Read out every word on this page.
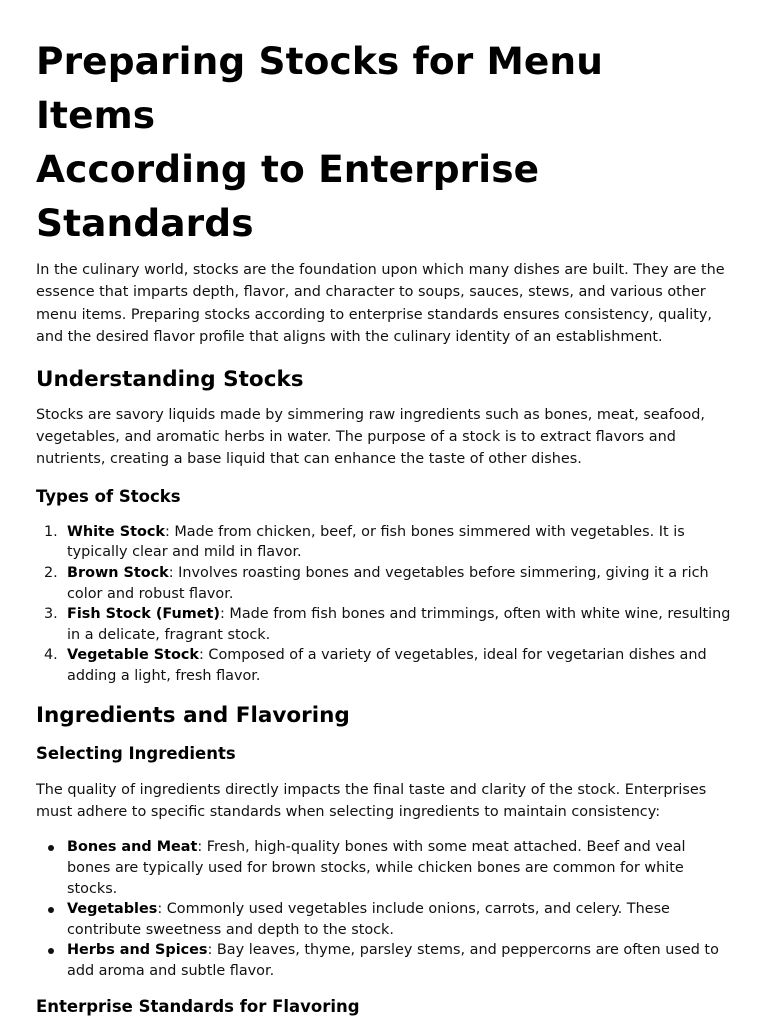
Preparing Stocks for Menu Items
According to Enterprise Standards

In the culinary world, stocks are the foundation upon which many dishes are built. They are the essence that imparts depth, flavor, and character to soups, sauces, stews, and various other menu items. Preparing stocks according to enterprise standards ensures consistency, quality, and the desired flavor profile that aligns with the culinary identity of an establishment.

Understanding Stocks

Stocks are savory liquids made by simmering raw ingredients such as bones, meat, seafood, vegetables, and aromatic herbs in water. The purpose of a stock is to extract flavors and nutrients, creating a base liquid that can enhance the taste of other dishes.

Types of Stocks
1. White Stock: Made from chicken, beef, or fish bones simmered with vegetables. It is typically clear and mild in flavor.
2. Brown Stock: Involves roasting bones and vegetables before simmering, giving it a rich color and robust flavor.
3. Fish Stock (Fumet): Made from fish bones and trimmings, often with white wine, resulting in a delicate, fragrant stock.
4. Vegetable Stock: Composed of a variety of vegetables, ideal for vegetarian dishes and adding a light, fresh flavor.
Ingredients and Flavoring
Selecting Ingredients

The quality of ingredients directly impacts the final taste and clarity of the stock. Enterprises must adhere to specific standards when selecting ingredients to maintain consistency:

Bones and Meat: Fresh, high-quality bones with some meat attached. Beef and veal bones are typically used for brown stocks, while chicken bones are common for white stocks.
Vegetables: Commonly used vegetables include onions, carrots, and celery. These contribute sweetness and depth to the stock.
Herbs and Spices: Bay leaves, thyme, parsley stems, and peppercorns are often used to add aroma and subtle flavor.
Enterprise Standards for Flavoring
